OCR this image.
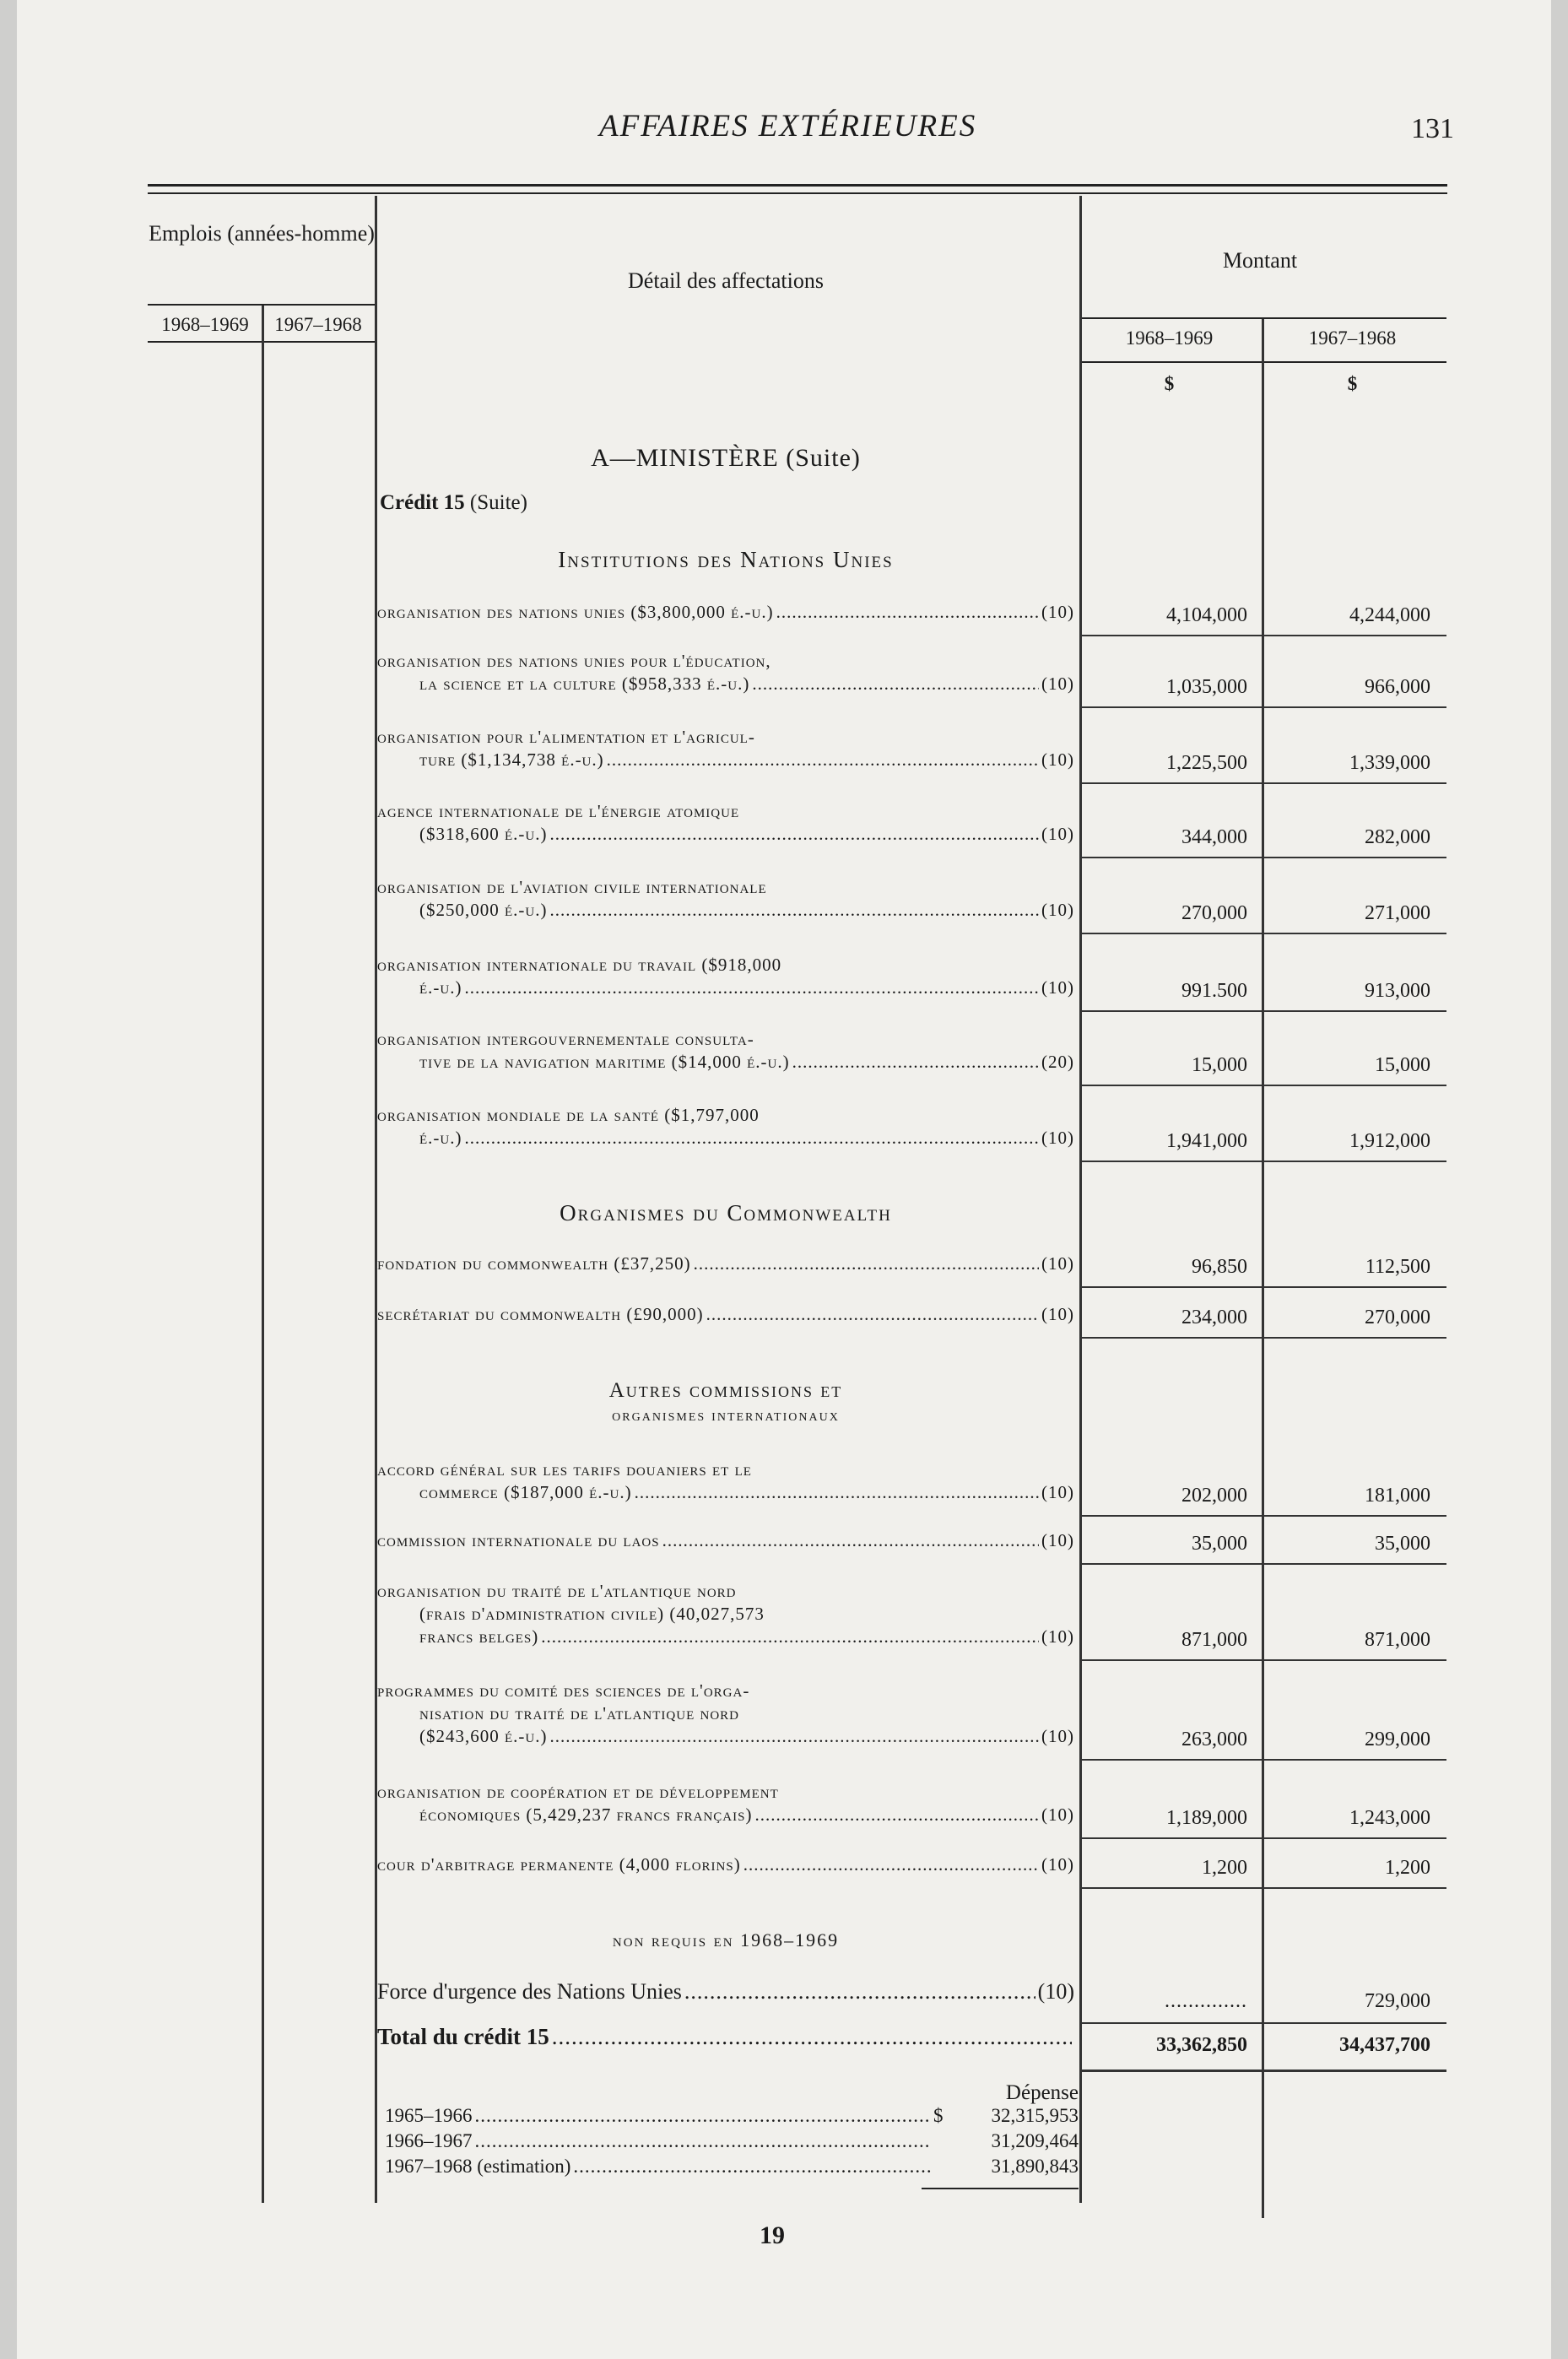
AFFAIRES EXTÉRIEURES	131
Emplois (années-homme)
1968–1969	1967–1968
Détail des affectations
Montant
1968–1969	1967–1968
$	$
A—MINISTÈRE (Suite)
Crédit 15 (Suite)
Institutions des Nations Unies
Organismes du Commonwealth
Autres commissions et
organismes internationaux
non requis en 1968–1969
organisation des nations unies ($3,800,000 é.-u.) .....	(10)	4,104,000	4,244,000
organisation des nations unies pour l'éducation,
la science et la culture ($958,333 é.-u.) .....	(10)	1,035,000	966,000
organisation pour l'alimentation et l'agricul-
ture ($1,134,738 é.-u.) .....	(10)	1,225,500	1,339,000
agence internationale de l'énergie atomique
($318,600 é.-u.) .....	(10)	344,000	282,000
organisation de l'aviation civile internationale
($250,000 é.-u.) .....	(10)	270,000	271,000
organisation internationale du travail ($918,000
é.-u.) .....	(10)	991.500	913,000
organisation intergouvernementale consulta-
tive de la navigation maritime ($14,000 é.-u.) .....	(20)	15,000	15,000
organisation mondiale de la santé ($1,797,000
é.-u.) .....	(10)	1,941,000	1,912,000
fondation du commonwealth (£37,250) .....	(10)	96,850	112,500
secrétariat du commonwealth (£90,000) .....	(10)	234,000	270,000
accord général sur les tarifs douaniers et le
commerce ($187,000 é.-u.) .....	(10)	202,000	181,000
commission internationale du laos .....	(10)	35,000	35,000
organisation du traité de l'atlantique nord
(frais d'administration civile) (40,027,573
francs belges) .....	(10)	871,000	871,000
programmes du comité des sciences de l'orga-
nisation du traité de l'atlantique nord
($243,600 é.-u.) .....	(10)	263,000	299,000
organisation de coopération et de développement
économiques (5,429,237 francs français) .....	(10)	1,189,000	1,243,000
cour d'arbitrage permanente (4,000 florins) .....	(10)	1,200	1,200
Force d'urgence des Nations Unies .....	(10)	..............	729,000
Total du crédit 15 .....	33,362,850	34,437,700
Dépense
1965–1966 .....	$	32,315,953
1966–1967 .....	31,209,464
1967–1968 (estimation) .....	31,890,843
19
